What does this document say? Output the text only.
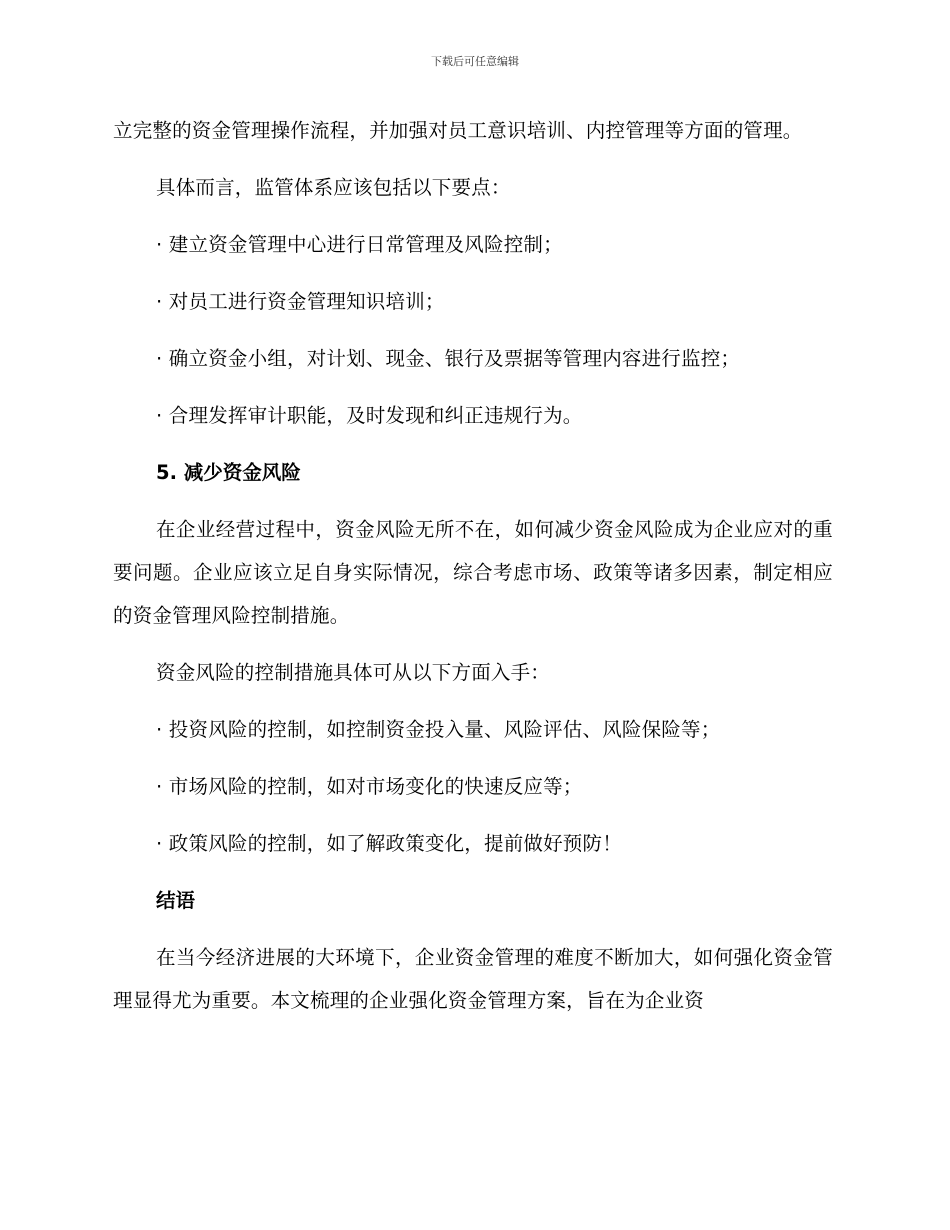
下载后可任意编辑

立完整的资金管理操作流程，并加强对员工意识培训、内控管理等方面的管理。

具体而言，监管体系应该包括以下要点：

· 建立资金管理中心进行日常管理及风险控制；
· 对员工进行资金管理知识培训；
· 确立资金小组，对计划、现金、银行及票据等管理内容进行监控；
· 合理发挥审计职能，及时发现和纠正违规行为。
5. 减少资金风险

在企业经营过程中，资金风险无所不在，如何减少资金风险成为企业应对的重要问题。企业应该立足自身实际情况，综合考虑市场、政策等诸多因素，制定相应的资金管理风险控制措施。

资金风险的控制措施具体可从以下方面入手：

· 投资风险的控制，如控制资金投入量、风险评估、风险保险等；
· 市场风险的控制，如对市场变化的快速反应等；
· 政策风险的控制，如了解政策变化，提前做好预防！
结语

在当今经济进展的大环境下，企业资金管理的难度不断加大，如何强化资金管理显得尤为重要。本文梳理的企业强化资金管理方案，旨在为企业资
